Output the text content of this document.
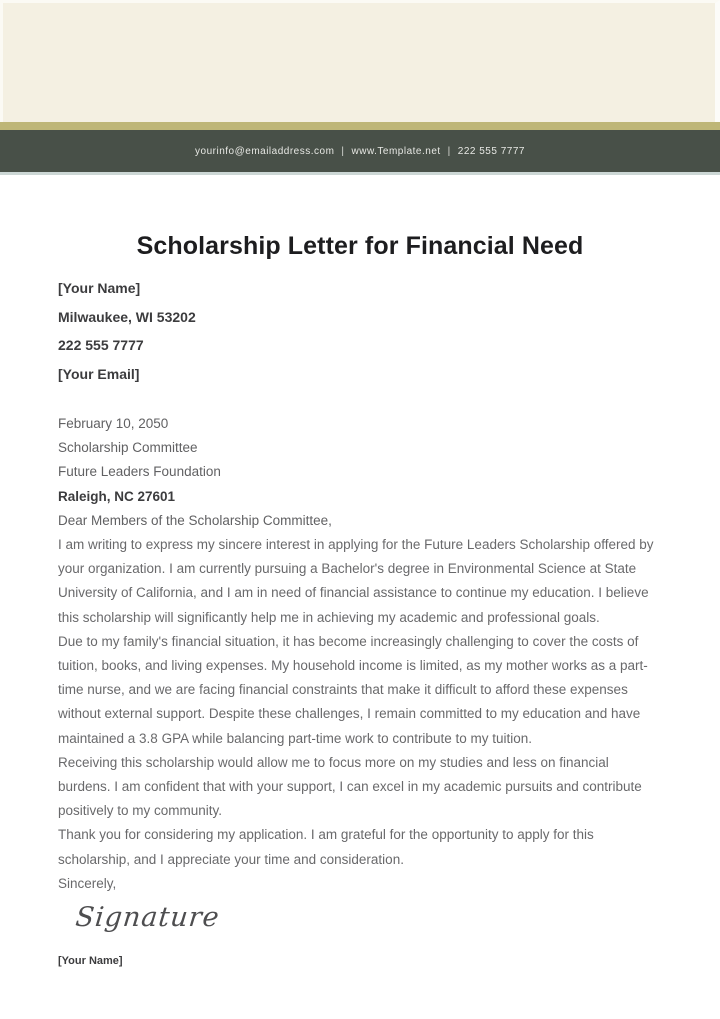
yourinfo@emailaddress.com | www.Template.net | 222 555 7777
Scholarship Letter for Financial Need
[Your Name]
Milwaukee, WI 53202
222 555 7777
[Your Email]
February 10, 2050
Scholarship Committee
Future Leaders Foundation
Raleigh, NC 27601
Dear Members of the Scholarship Committee,

I am writing to express my sincere interest in applying for the Future Leaders Scholarship offered by your organization. I am currently pursuing a Bachelor's degree in Environmental Science at State University of California, and I am in need of financial assistance to continue my education. I believe this scholarship will significantly help me in achieving my academic and professional goals.

Due to my family's financial situation, it has become increasingly challenging to cover the costs of tuition, books, and living expenses. My household income is limited, as my mother works as a part-time nurse, and we are facing financial constraints that make it difficult to afford these expenses without external support. Despite these challenges, I remain committed to my education and have maintained a 3.8 GPA while balancing part-time work to contribute to my tuition.

Receiving this scholarship would allow me to focus more on my studies and less on financial burdens. I am confident that with your support, I can excel in my academic pursuits and contribute positively to my community.

Thank you for considering my application. I am grateful for the opportunity to apply for this scholarship, and I appreciate your time and consideration.

Sincerely,

Signature
[Your Name]
